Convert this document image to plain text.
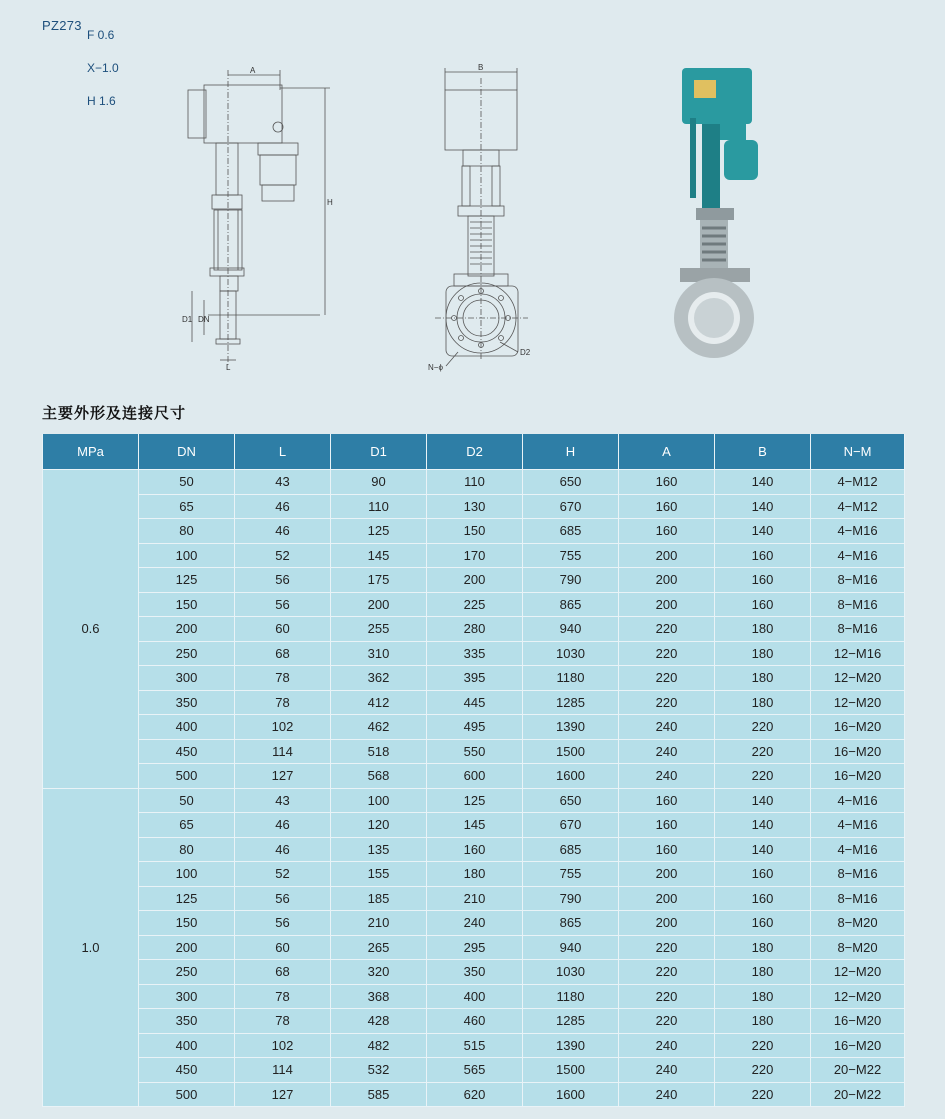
PZ273

F 0.6

X−1.0

H 1.6

A
H
D1 DN
L
B
D2
N−ϕ
主要外形及连接尺寸
MPa	DN	L	D1	D2	H	A	B	N−M
0.6	50	43	90	110	650	160	140	4−M12
	65	46	110	130	670	160	140	4−M12
	80	46	125	150	685	160	140	4−M16
	100	52	145	170	755	200	160	4−M16
	125	56	175	200	790	200	160	8−M16
	150	56	200	225	865	200	160	8−M16
	200	60	255	280	940	220	180	8−M16
	250	68	310	335	1030	220	180	12−M16
	300	78	362	395	1180	220	180	12−M20
	350	78	412	445	1285	220	180	12−M20
	400	102	462	495	1390	240	220	16−M20
	450	114	518	550	1500	240	220	16−M20
	500	127	568	600	1600	240	220	16−M20
1.0	50	43	100	125	650	160	140	4−M16
	65	46	120	145	670	160	140	4−M16
	80	46	135	160	685	160	140	4−M16
	100	52	155	180	755	200	160	8−M16
	125	56	185	210	790	200	160	8−M16
	150	56	210	240	865	200	160	8−M20
	200	60	265	295	940	220	180	8−M20
	250	68	320	350	1030	220	180	12−M20
	300	78	368	400	1180	220	180	12−M20
	350	78	428	460	1285	220	180	16−M20
	400	102	482	515	1390	240	220	16−M20
	450	114	532	565	1500	240	220	20−M22
	500	127	585	620	1600	240	220	20−M22
